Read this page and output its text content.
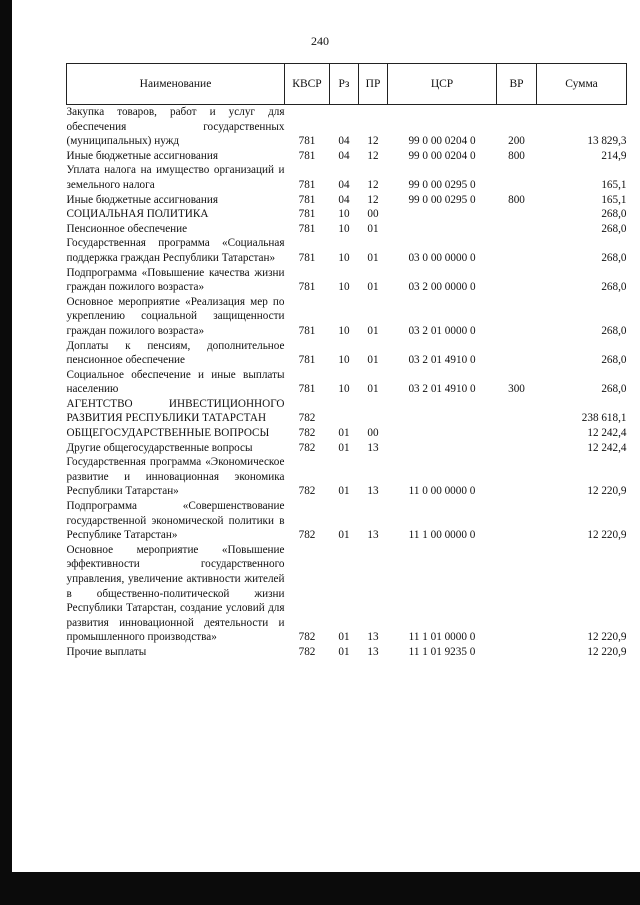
240
Наименование	КВСР	Рз	ПР	ЦСР	ВР	Сумма
Закупка товаров, работ и услуг для обеспечения государственных (муниципальных) нужд	781	04	12	99 0 00 0204 0	200	13 829,3
Иные бюджетные ассигнования	781	04	12	99 0 00 0204 0	800	214,9
Уплата налога на имущество организаций и земельного налога	781	04	12	99 0 00 0295 0		165,1
Иные бюджетные ассигнования	781	04	12	99 0 00 0295 0	800	165,1
СОЦИАЛЬНАЯ ПОЛИТИКА	781	10	00			268,0
Пенсионное обеспечение	781	10	01			268,0
Государственная программа «Социальная поддержка граждан Республики Татарстан»	781	10	01	03 0 00 0000 0		268,0
Подпрограмма «Повышение качества жизни граждан пожилого возраста»	781	10	01	03 2 00 0000 0		268,0
Основное мероприятие «Реализация мер по укреплению социальной защищенности граждан пожилого возраста»	781	10	01	03 2 01 0000 0		268,0
Доплаты к пенсиям, дополнительное пенсионное обеспечение	781	10	01	03 2 01 4910 0		268,0
Социальное обеспечение и иные выплаты населению	781	10	01	03 2 01 4910 0	300	268,0
АГЕНТСТВО ИНВЕСТИЦИОННОГО РАЗВИТИЯ РЕСПУБЛИКИ ТАТАРСТАН	782					238 618,1
ОБЩЕГОСУДАРСТВЕННЫЕ ВОПРОСЫ	782	01	00			12 242,4
Другие общегосударственные вопросы	782	01	13			12 242,4
Государственная программа «Экономическое развитие и инновационная экономика Республики Татарстан»	782	01	13	11 0 00 0000 0		12 220,9
Подпрограмма «Совершенствование государственной экономической политики в Республике Татарстан»	782	01	13	11 1 00 0000 0		12 220,9
Основное мероприятие «Повышение эффективности государственного управления, увеличение активности жителей в общественно-политической жизни Республики Татарстан, создание условий для развития инновационной деятельности и промышленного производства»	782	01	13	11 1 01 0000 0		12 220,9
Прочие выплаты	782	01	13	11 1 01 9235 0		12 220,9
